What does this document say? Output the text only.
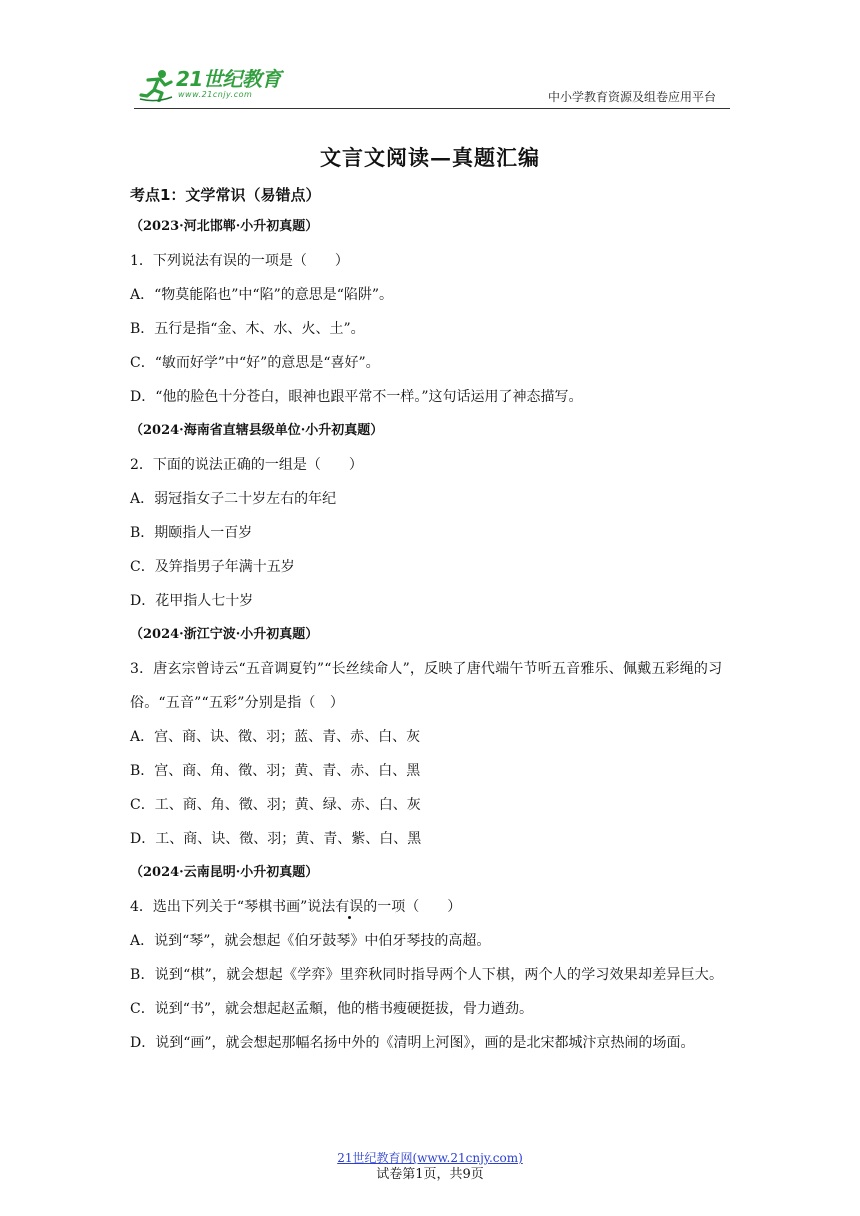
21世纪教育
www.21cnjy.com	中小学教育资源及组卷应用平台
文言文阅读—真题汇编
考点1：文学常识（易错点）
（2023·河北邯郸·小升初真题）
1．下列说法有误的一项是（　　）
A．“物莫能陷也”中“陷”的意思是“陷阱”。
B．五行是指“金、木、水、火、土”。
C．“敏而好学”中“好”的意思是“喜好”。
D．“他的脸色十分苍白，眼神也跟平常不一样。”这句话运用了神态描写。
（2024·海南省直辖县级单位·小升初真题）
2．下面的说法正确的一组是（　　）
A．弱冠指女子二十岁左右的年纪
B．期颐指人一百岁
C．及笄指男子年满十五岁
D．花甲指人七十岁
（2024·浙江宁波·小升初真题）
3．唐玄宗曾诗云“五音调夏钓”“长丝续命人”，反映了唐代端午节听五音雅乐、佩戴五彩绳的习俗。“五音”“五彩”分别是指（　）
A．宫、商、诀、徵、羽；蓝、青、赤、白、灰
B．宫、商、角、徵、羽；黄、青、赤、白、黑
C．工、商、角、徵、羽；黄、绿、赤、白、灰
D．工、商、诀、徵、羽；黄、青、紫、白、黑
（2024·云南昆明·小升初真题）
4．选出下列关于“琴棋书画”说法有误的一项（　　）
A．说到“琴”，就会想起《伯牙鼓琴》中伯牙琴技的高超。
B．说到“棋”，就会想起《学弈》里弈秋同时指导两个人下棋，两个人的学习效果却差异巨大。
C．说到“书”，就会想起赵孟頫，他的楷书瘦硬挺拔，骨力遒劲。
D．说到“画”，就会想起那幅名扬中外的《清明上河图》，画的是北宋都城汴京热闹的场面。
21世纪教育网(www.21cnjy.com)
试卷第1页，共9页
